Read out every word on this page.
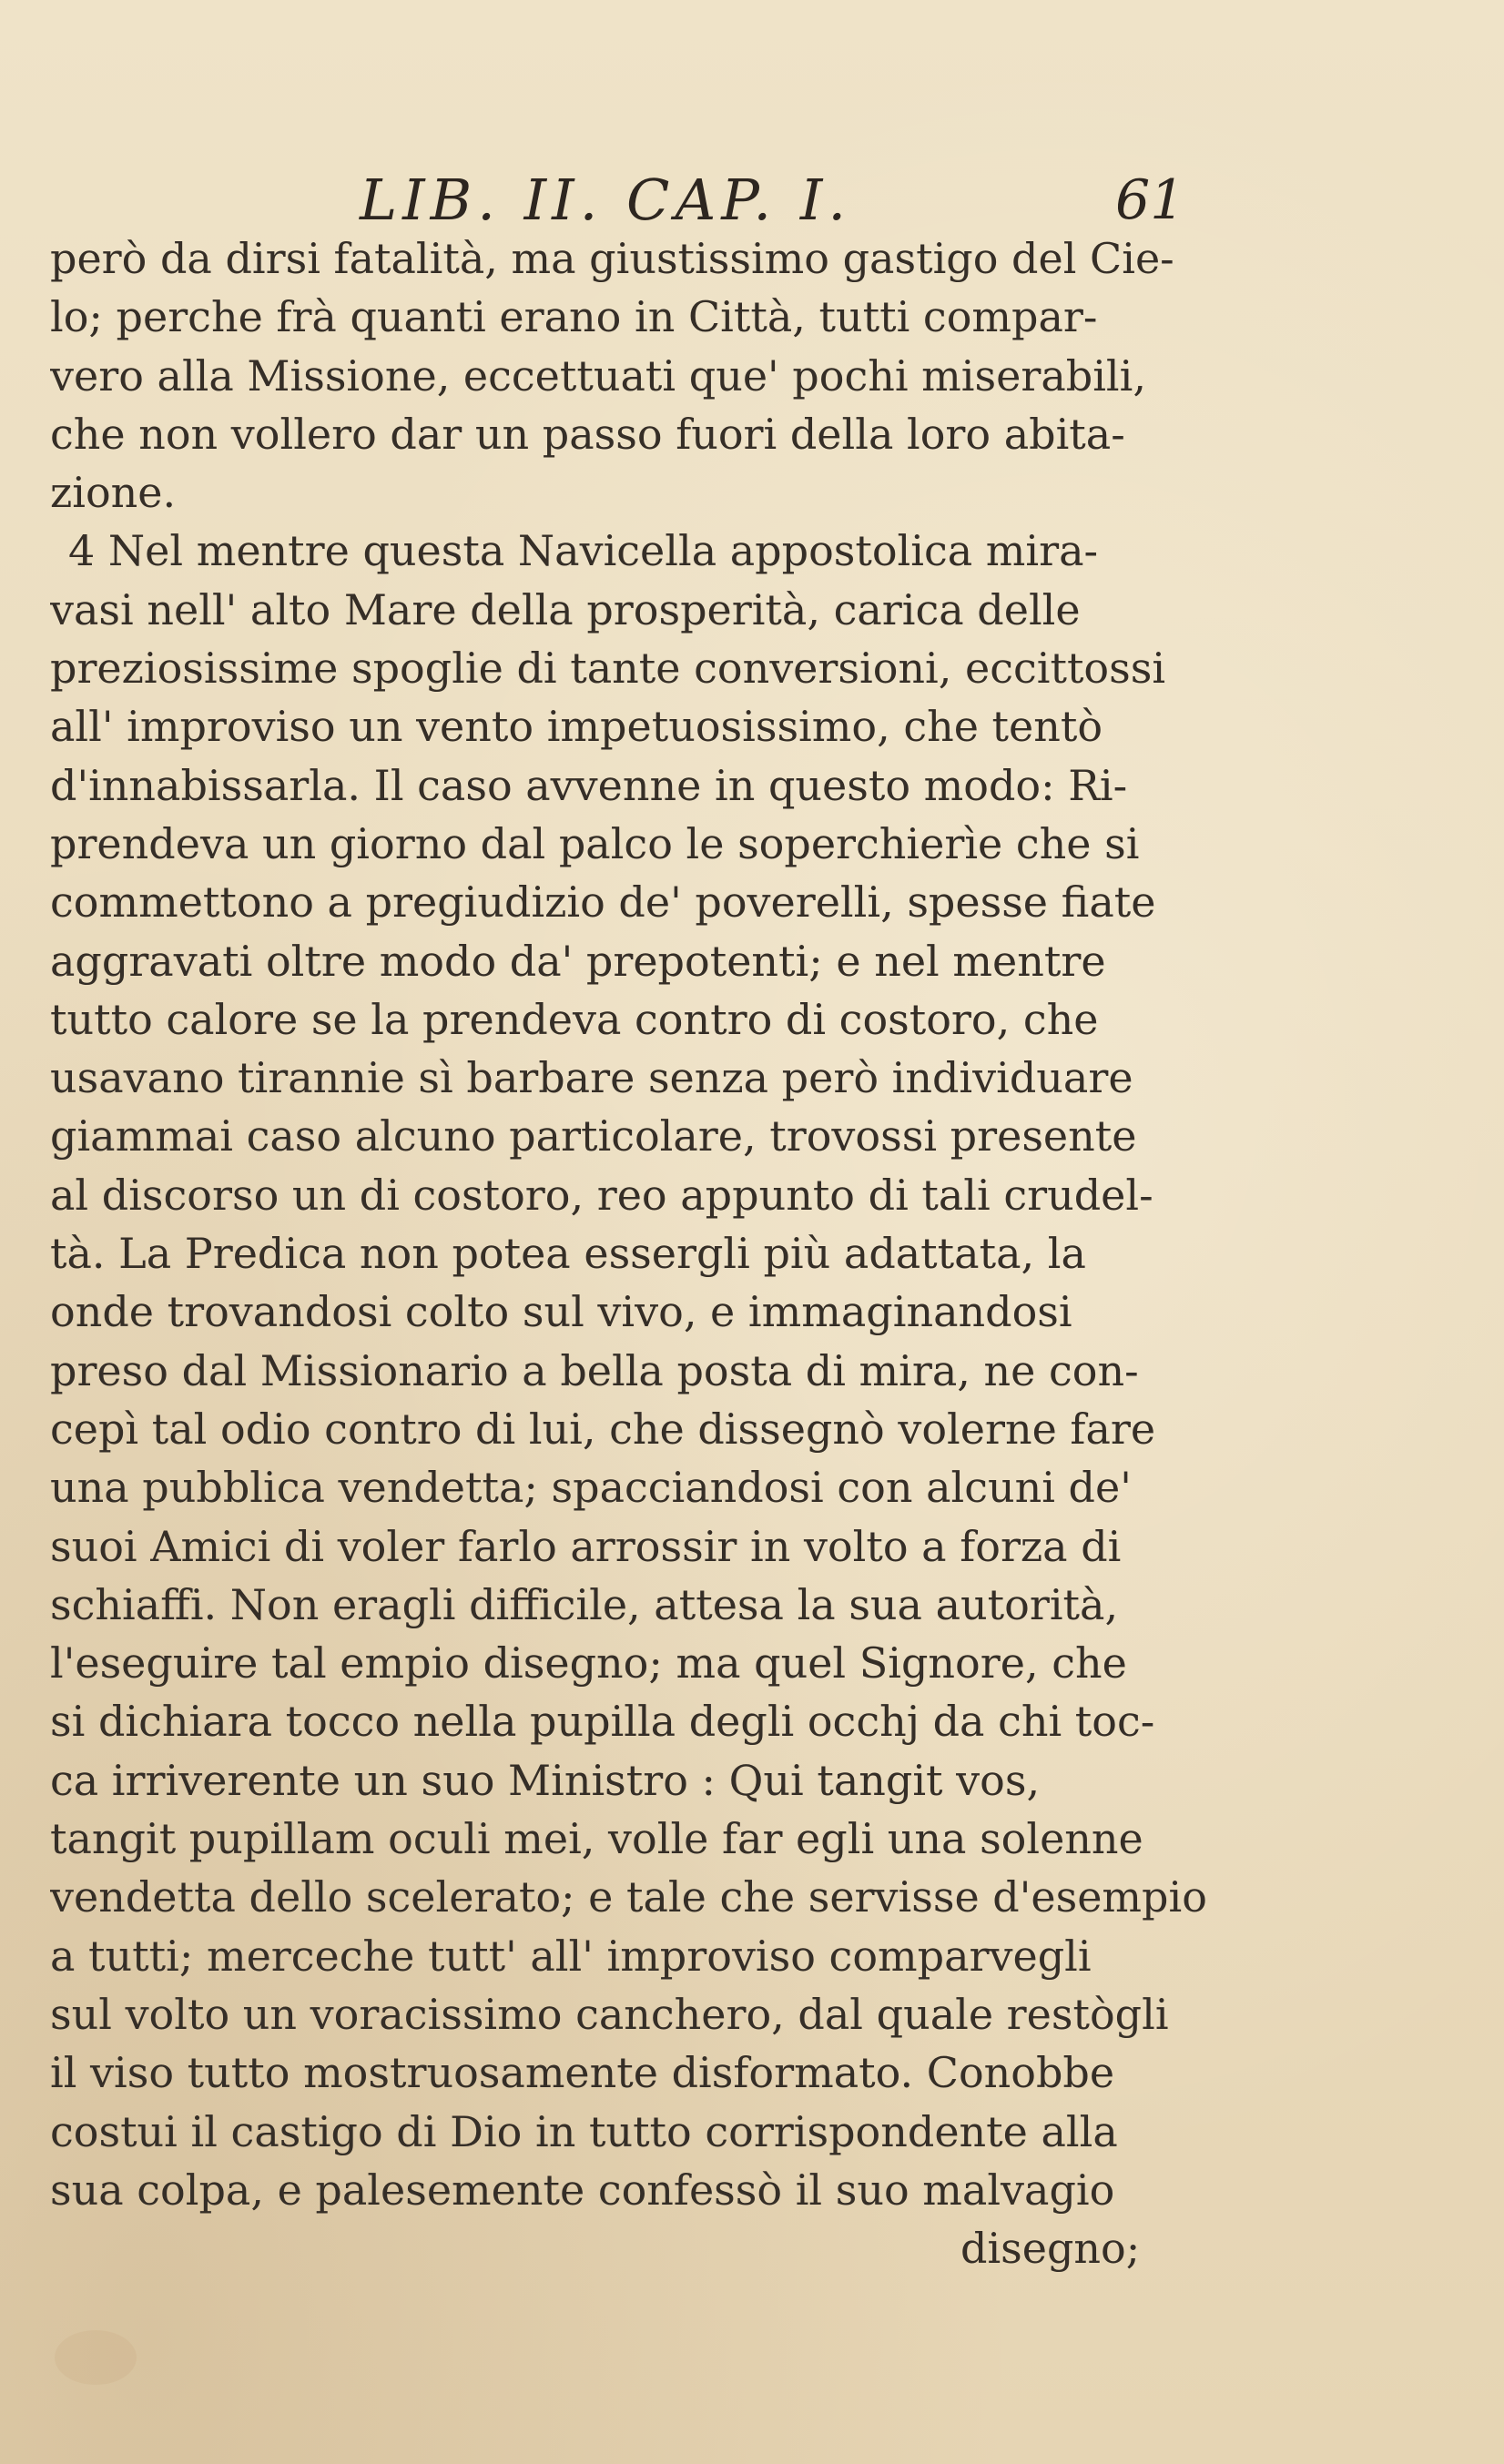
LIB. II. CAP. I.	61
però da dirsi fatalità, ma giustissimo gastigo del Cie-
lo; perche frà quanti erano in Città, tutti compar-
vero alla Missione, eccettuati que' pochi miserabili,
che non vollero dar un passo fuori della loro abita-
zione.
4 Nel mentre questa Navicella appostolica mira-
vasi nell' alto Mare della prosperità, carica delle
preziosissime spoglie di tante conversioni, eccittossi
all' improviso un vento impetuosissimo, che tentò
d'innabissarla. Il caso avvenne in questo modo: Ri-
prendeva un giorno dal palco le soperchierìe che si
commettono a pregiudizio de' poverelli, spesse fiate
aggravati oltre modo da' prepotenti; e nel mentre
tutto calore se la prendeva contro di costoro, che
usavano tirannie sì barbare senza però individuare
giammai caso alcuno particolare, trovossi presente
al discorso un di costoro, reo appunto di tali crudel-
tà. La Predica non potea essergli più adattata, la
onde trovandosi colto sul vivo, e immaginandosi
preso dal Missionario a bella posta di mira, ne con-
cepì tal odio contro di lui, che dissegnò volerne fare
una pubblica vendetta; spacciandosi con alcuni de'
suoi Amici di voler farlo arrossir in volto a forza di
schiaffi. Non eragli difficile, attesa la sua autorità,
l'eseguire tal empio disegno; ma quel Signore, che
si dichiara tocco nella pupilla degli occhj da chi toc-
ca irriverente un suo Ministro : Qui tangit vos,
tangit pupillam oculi mei, volle far egli una solenne
vendetta dello scelerato; e tale che servisse d'esempio
a tutti; merceche tutt' all' improviso comparvegli
sul volto un voracissimo canchero, dal quale restògli
il viso tutto mostruosamente disformato. Conobbe
costui il castigo di Dio in tutto corrispondente alla
sua colpa, e palesemente confessò il suo malvagio
disegno;
